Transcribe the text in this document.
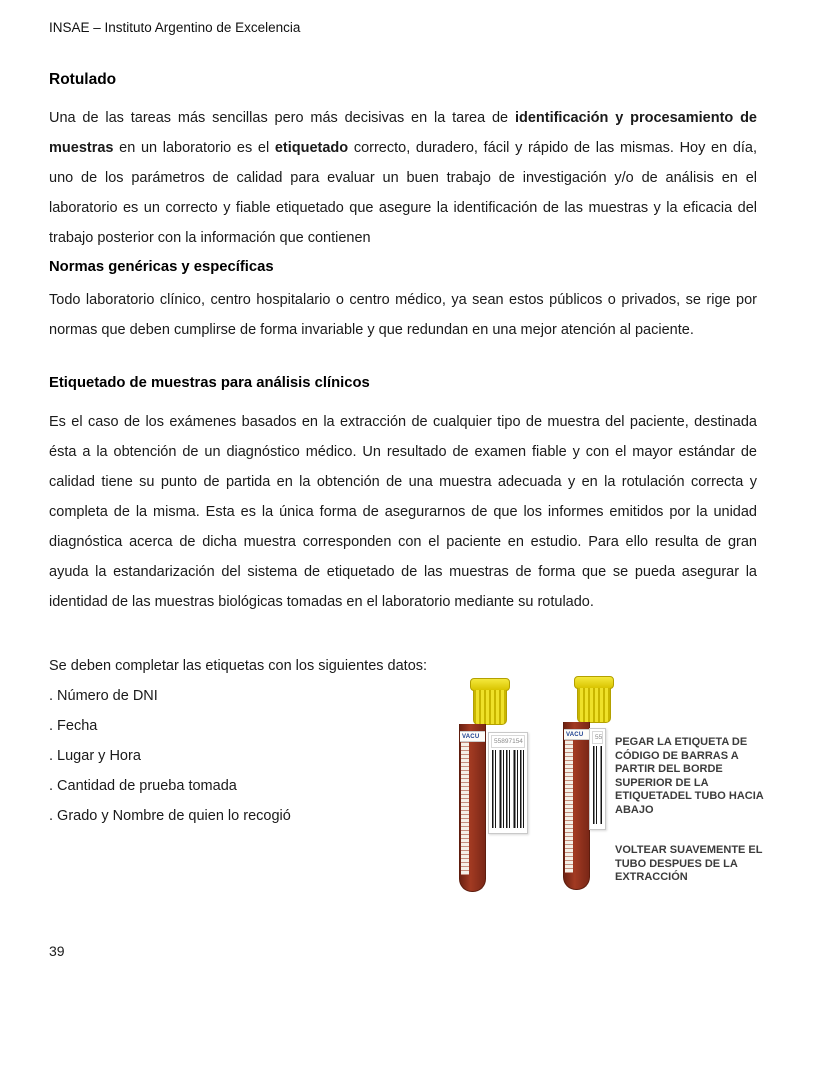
INSAE – Instituto Argentino de Excelencia
Rotulado

Una de las tareas más sencillas pero más decisivas en la tarea de identificación y procesamiento de muestras en un laboratorio es el etiquetado correcto, duradero, fácil y rápido de las mismas. Hoy en día, uno de los parámetros de calidad para evaluar un buen trabajo de investigación y/o de análisis en el laboratorio es un correcto y fiable etiquetado que asegure la identificación de las muestras y la eficacia del trabajo posterior con la información que contienen

Normas genéricas y específicas

Todo laboratorio clínico, centro hospitalario o centro médico, ya sean estos públicos o privados, se rige por normas que deben cumplirse de forma invariable y que redundan en una mejor atención al paciente.

Etiquetado de muestras para análisis clínicos

Es el caso de los exámenes basados en la extracción de cualquier tipo de muestra del paciente, destinada ésta a la obtención de un diagnóstico médico. Un resultado de examen fiable y con el mayor estándar de calidad tiene su punto de partida en la obtención de una muestra adecuada y en la rotulación correcta y completa de la misma. Esta es la única forma de asegurarnos de que los informes emitidos por la unidad diagnóstica acerca de dicha muestra corresponden con el paciente en estudio. Para ello resulta de gran ayuda la estandarización del sistema de etiquetado de las muestras de forma que se pueda asegurar la identidad de las muestras biológicas tomadas en el laboratorio mediante su rotulado.

Se deben completar las etiquetas con los siguientes datos:
. Número de DNI
. Fecha
. Lugar y Hora
. Cantidad de prueba tomada
. Grado y Nombre de quien lo recogió
VACU
55897154
VACU	55 PEGAR LA ETIQUETA DE CÓDIGO DE BARRAS A PARTIR DEL BORDE SUPERIOR DE LA ETIQUETADEL TUBO HACIA ABAJO

VOLTEAR SUAVEMENTE EL TUBO DESPUES DE LA EXTRACCIÓN

39
